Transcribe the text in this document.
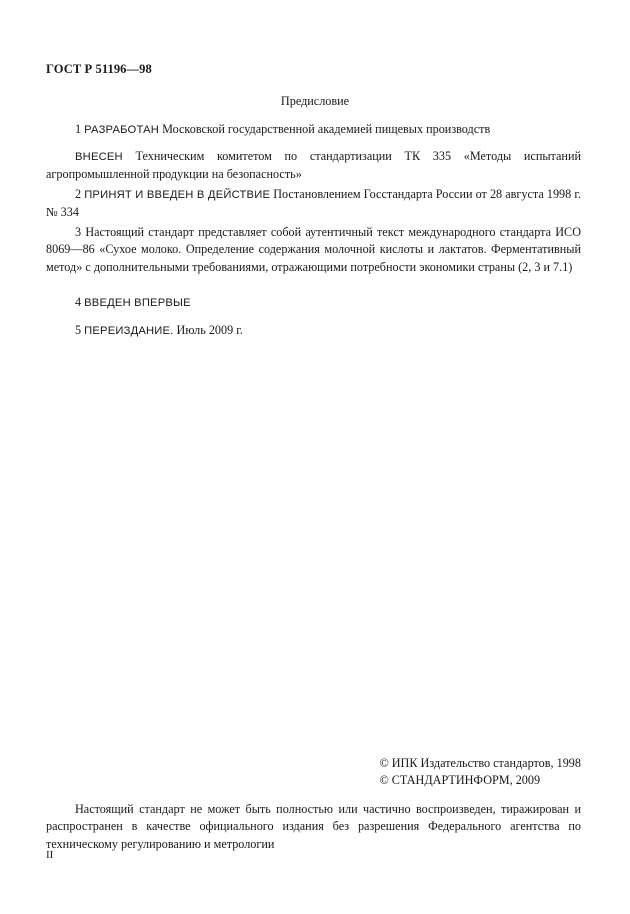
ГОСТ Р 51196—98
Предисловие
1 РАЗРАБОТАН Московской государственной академией пищевых производств
ВНЕСЕН Техническим комитетом по стандартизации ТК 335 «Методы испытаний агропромышленной продукции на безопасность»
2 ПРИНЯТ И ВВЕДЕН В ДЕЙСТВИЕ Постановлением Госстандарта России от 28 августа 1998 г. № 334
3 Настоящий стандарт представляет собой аутентичный текст международного стандарта ИСО 8069—86 «Сухое молоко. Определение содержания молочной кислоты и лактатов. Ферментативный метод» с дополнительными требованиями, отражающими потребности экономики страны (2, 3 и 7.1)
4 ВВЕДЕН ВПЕРВЫЕ
5 ПЕРЕИЗДАНИЕ. Июль 2009 г.
© ИПК Издательство стандартов, 1998
© СТАНДАРТИНФОРМ, 2009
Настоящий стандарт не может быть полностью или частично воспроизведен, тиражирован и распространен в качестве официального издания без разрешения Федерального агентства по техническому регулированию и метрологии
II
